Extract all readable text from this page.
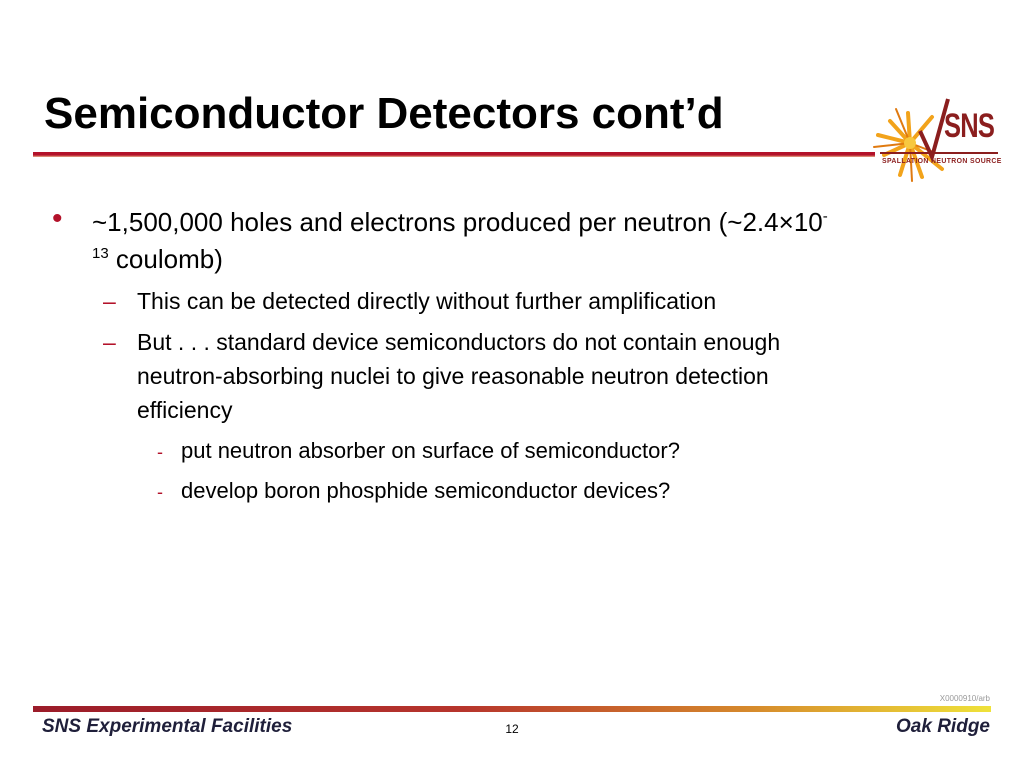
Semiconductor Detectors cont’d	SNS
SPALLATION NEUTRON SOURCE
• ~1,500,000 holes and electrons produced per neutron (~2.4×10-
$^{13}$ coulomb)
– This can be detected directly without further amplification
– But . . . standard device semiconductors do not contain enough
neutron-absorbing nuclei to give reasonable neutron detection
efficiency
- put neutron absorber on surface of semiconductor?
- develop boron phosphide semiconductor devices?
X0000910/arb
SNS Experimental Facilities	12	Oak Ridge
